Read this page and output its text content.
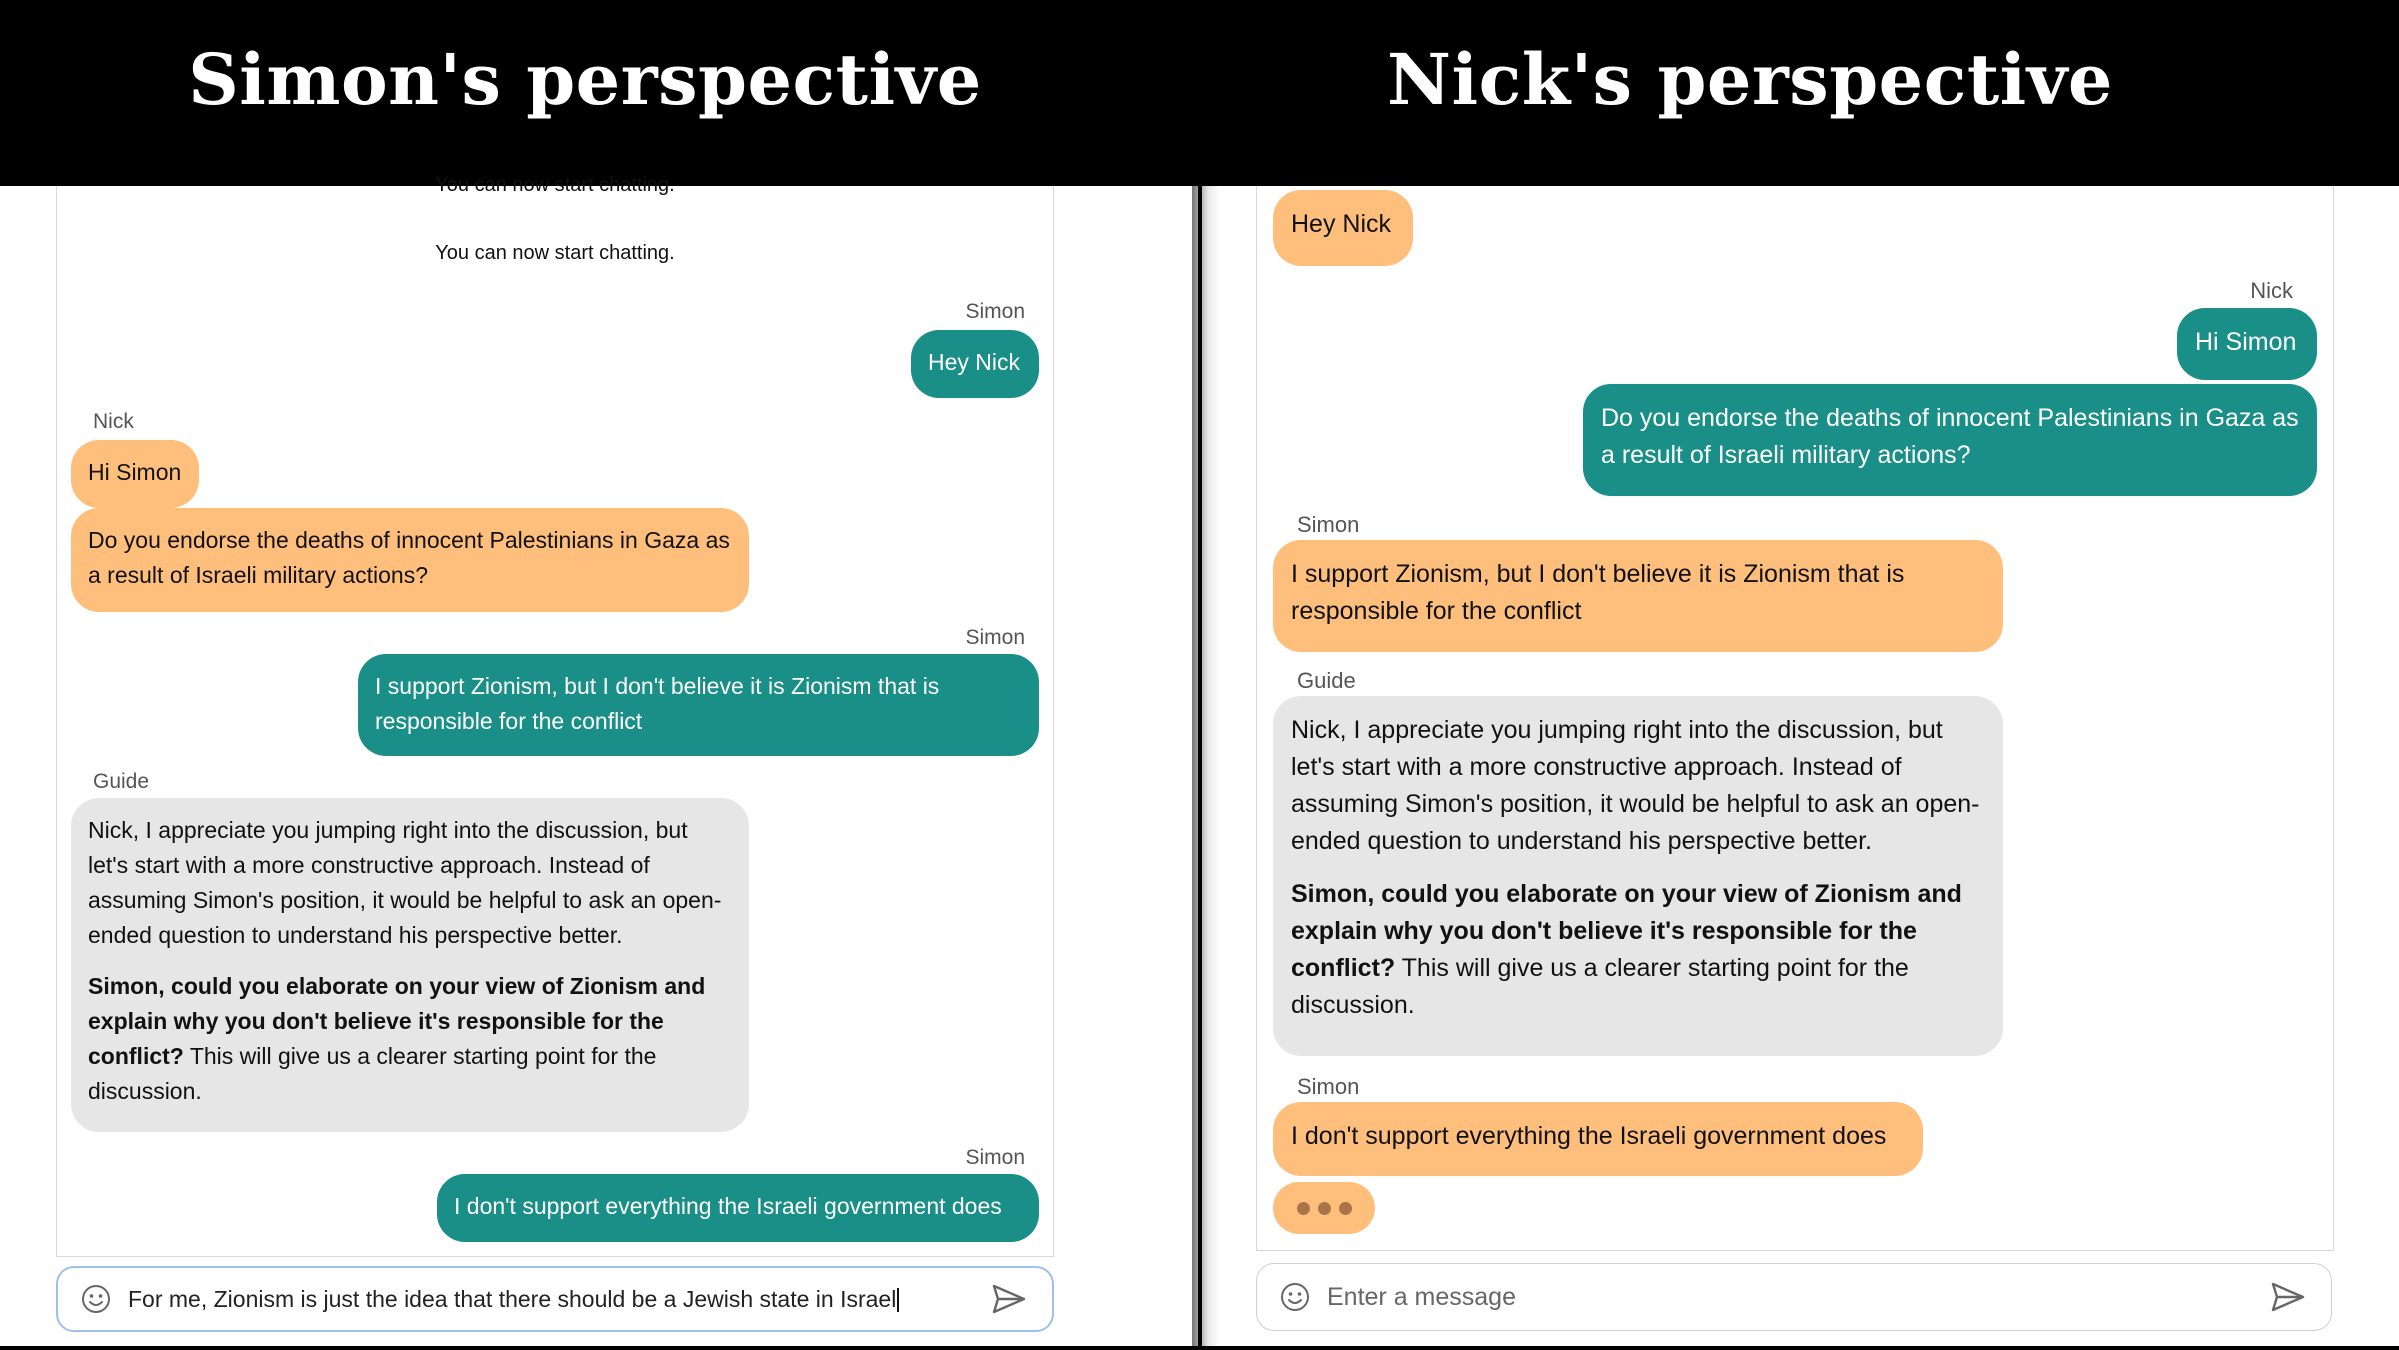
Simon's perspective	Nick's perspective
You can now start chatting.
You can now start chatting.
Simon
Hey Nick
Nick
Hi Simon
Do you endorse the deaths of innocent Palestinians in Gaza as a result of Israeli military actions?
Simon
I support Zionism, but I don't believe it is Zionism that is responsible for the conflict
Guide

Nick, I appreciate you jumping right into the discussion, but let's start with a more constructive approach. Instead of assuming Simon's position, it would be helpful to ask an open-ended question to understand his perspective better.

Simon, could you elaborate on your view of Zionism and explain why you don't believe it's responsible for the conflict? This will give us a clearer starting point for the discussion.

Simon
I don't support everything the Israeli government does
For me, Zionism is just the idea that there should be a Jewish state in Israel
Hey Nick
Nick
Hi Simon
Do you endorse the deaths of innocent Palestinians in Gaza as a result of Israeli military actions?
Simon
I support Zionism, but I don't believe it is Zionism that is responsible for the conflict
Guide

Nick, I appreciate you jumping right into the discussion, but let's start with a more constructive approach. Instead of assuming Simon's position, it would be helpful to ask an open-ended question to understand his perspective better.

Simon, could you elaborate on your view of Zionism and explain why you don't believe it's responsible for the conflict? This will give us a clearer starting point for the discussion.

Simon
I don't support everything the Israeli government does
Enter a message
